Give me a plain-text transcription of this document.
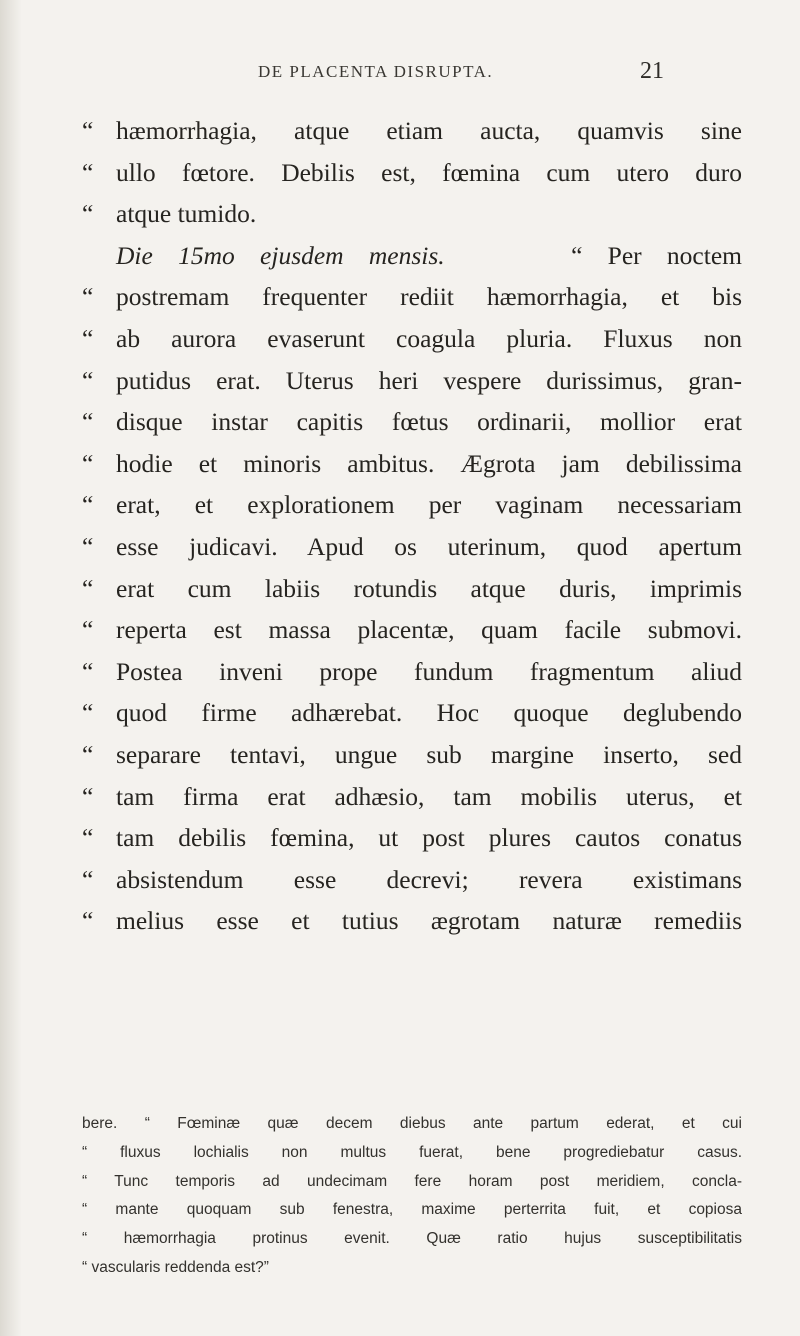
DE PLACENTA DISRUPTA.	21
“ hæmorrhagia, atque etiam aucta, quamvis sine
“ ullo fœtore. Debilis est, fœmina cum utero duro
“ atque tumido.
Die 15mo ejusdem mensis.	“ Per noctem
“ postremam frequenter rediit hæmorrhagia, et bis
“ ab aurora evaserunt coagula pluria. Fluxus non
“ putidus erat. Uterus heri vespere durissimus, gran-
“ disque instar capitis fœtus ordinarii, mollior erat
“ hodie et minoris ambitus. Ægrota jam debilissima
“ erat, et explorationem per vaginam necessariam
“ esse judicavi. Apud os uterinum, quod apertum
“ erat cum labiis rotundis atque duris, imprimis
“ reperta est massa placentæ, quam facile submovi.
“ Postea inveni prope fundum fragmentum aliud
“ quod firme adhærebat. Hoc quoque deglubendo
“ separare tentavi, ungue sub margine inserto, sed
“ tam firma erat adhæsio, tam mobilis uterus, et
“ tam debilis fœmina, ut post plures cautos conatus
“ absistendum esse decrevi; revera existimans
“ melius esse et tutius ægrotam naturæ remediis
bere. “ Fœminæ quæ decem diebus ante partum ederat, et cui
“ fluxus lochialis non multus fuerat, bene progrediebatur casus.
“ Tunc temporis ad undecimam fere horam post meridiem, concla-
“ mante quoquam sub fenestra, maxime perterrita fuit, et copiosa
“ hæmorrhagia protinus evenit. Quæ ratio hujus susceptibilitatis
“ vascularis reddenda est?”
